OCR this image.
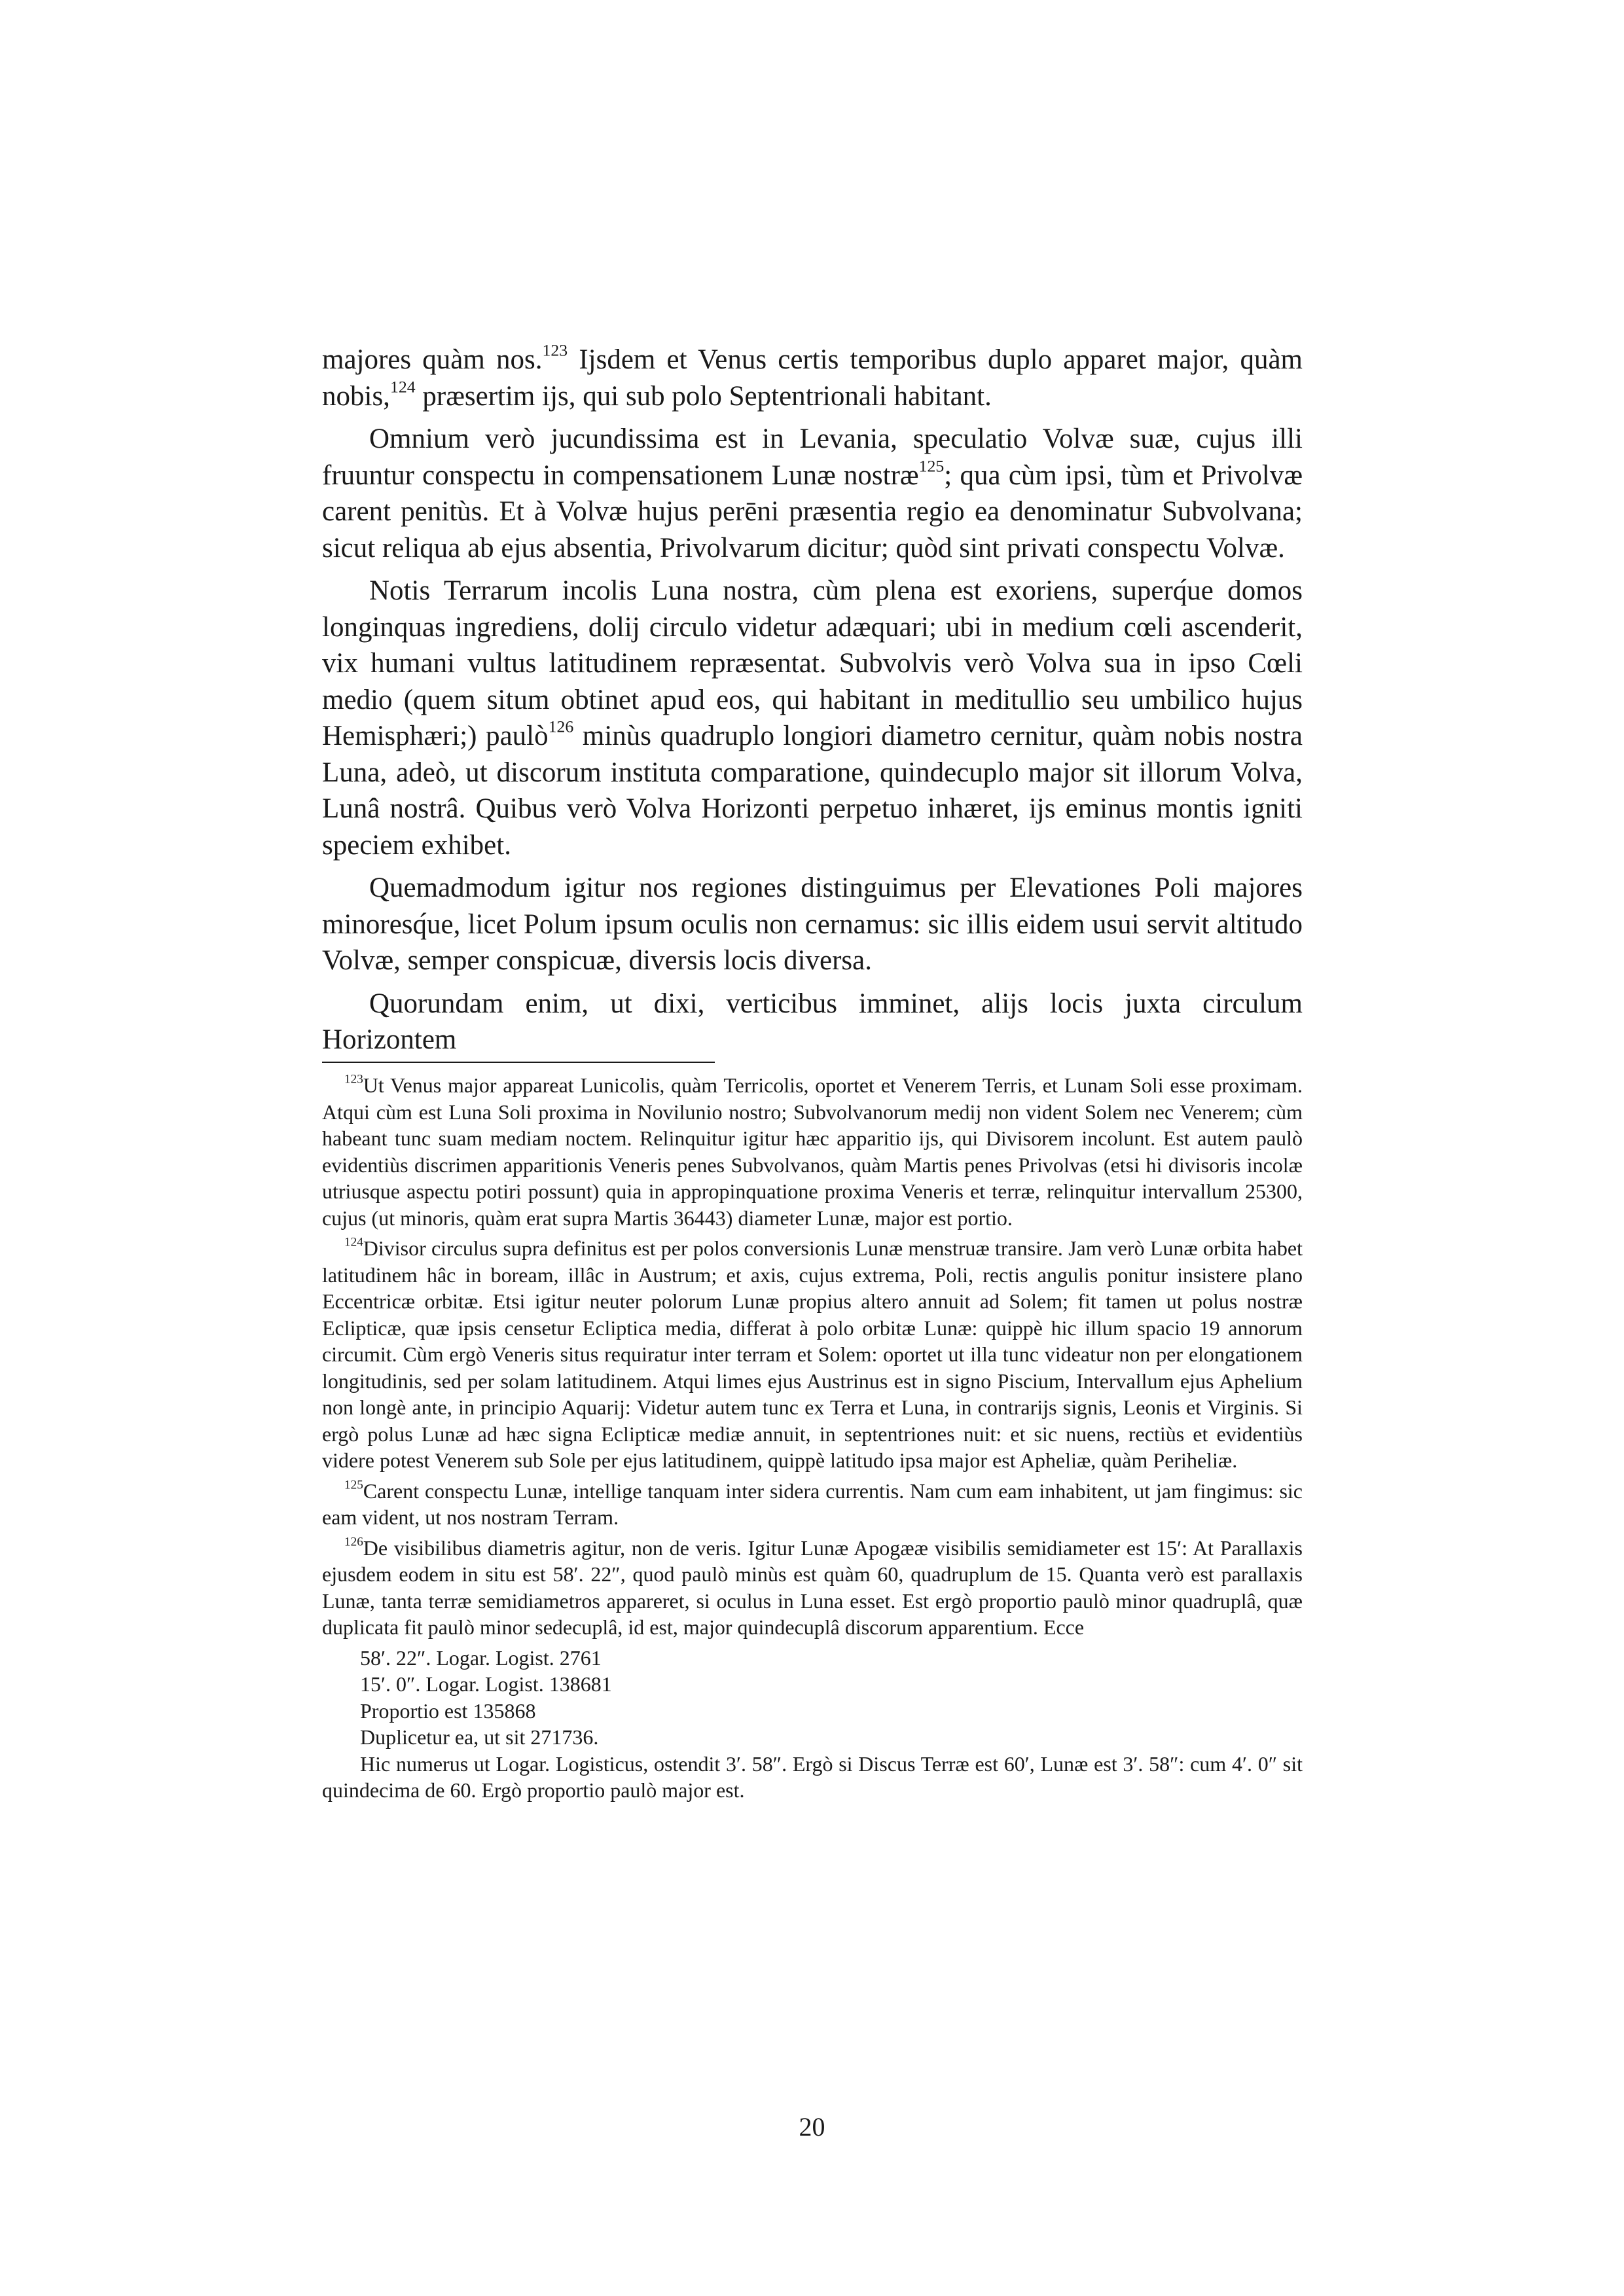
majores quàm nos.$^{123}$ Ijsdem et Venus certis temporibus duplo apparet major, quàm nobis,$^{124}$ præsertim ijs, qui sub polo Septentrionali habitant.

Omnium verò jucundissima est in Levania, speculatio Volvæ suæ, cujus illi fruuntur conspectu in compensationem Lunæ nostræ$^{125}$; qua cùm ipsi, tùm et Privolvæ carent penitùs. Et à Volvæ hujus perēni præsentia regio ea denominatur Subvolvana; sicut reliqua ab ejus absentia, Privolvarum dicitur; quòd sint privati conspectu Volvæ.

Notis Terrarum incolis Luna nostra, cùm plena est exoriens, superq́ue domos longinquas ingrediens, dolij circulo videtur adæquari; ubi in medium cœli ascenderit, vix humani vultus latitudinem repræsentat. Subvolvis verò Volva sua in ipso Cœli medio (quem situm obtinet apud eos, qui habitant in meditullio seu umbilico hujus Hemisphæri;) paulò$^{126}$ minùs quadruplo longiori diametro cernitur, quàm nobis nostra Luna, adeò, ut discorum instituta comparatione, quindecuplo major sit illorum Volva, Lunâ nostrâ. Quibus verò Volva Horizonti perpetuo inhæret, ijs eminus montis igniti speciem exhibet.

Quemadmodum igitur nos regiones distinguimus per Elevationes Poli majores minoresq́ue, licet Polum ipsum oculis non cernamus: sic illis eidem usui servit altitudo Volvæ, semper conspicuæ, diversis locis diversa.

Quorundam enim, ut dixi, verticibus imminet, alijs locis juxta circulum Horizontem

$^{123}$Ut Venus major appareat Lunicolis, quàm Terricolis, oportet et Venerem Terris, et Lunam Soli esse proximam. Atqui cùm est Luna Soli proxima in Novilunio nostro; Subvolvanorum medij non vident Solem nec Venerem; cùm habeant tunc suam mediam noctem. Relinquitur igitur hæc apparitio ijs, qui Divisorem incolunt. Est autem paulò evidentiùs discrimen apparitionis Veneris penes Subvolvanos, quàm Martis penes Privolvas (etsi hi divisoris incolæ utriusque aspectu potiri possunt) quia in appropinquatione proxima Veneris et terræ, relinquitur intervallum 25300, cujus (ut minoris, quàm erat supra Martis 36443) diameter Lunæ, major est portio.

$^{124}$Divisor circulus supra definitus est per polos conversionis Lunæ menstruæ transire. Jam verò Lunæ orbita habet latitudinem hâc in boream, illâc in Austrum; et axis, cujus extrema, Poli, rectis angulis ponitur insistere plano Eccentricæ orbitæ. Etsi igitur neuter polorum Lunæ propius altero annuit ad Solem; fit tamen ut polus nostræ Eclipticæ, quæ ipsis censetur Ecliptica media, differat à polo orbitæ Lunæ: quippè hic illum spacio 19 annorum circumit. Cùm ergò Veneris situs requiratur inter terram et Solem: oportet ut illa tunc videatur non per elongationem longitudinis, sed per solam latitudinem. Atqui limes ejus Austrinus est in signo Piscium, Intervallum ejus Aphelium non longè ante, in principio Aquarij: Videtur autem tunc ex Terra et Luna, in contrarijs signis, Leonis et Virginis. Si ergò polus Lunæ ad hæc signa Eclipticæ mediæ annuit, in septentriones nuit: et sic nuens, rectiùs et evidentiùs videre potest Venerem sub Sole per ejus latitudinem, quippè latitudo ipsa major est Apheliæ, quàm Periheliæ.

$^{125}$Carent conspectu Lunæ, intellige tanquam inter sidera currentis. Nam cum eam inhabitent, ut jam fingimus: sic eam vident, ut nos nostram Terram.

$^{126}$De visibilibus diametris agitur, non de veris. Igitur Lunæ Apogææ visibilis semidiameter est 15′: At Parallaxis ejusdem eodem in situ est 58′. 22″, quod paulò minùs est quàm 60, quadruplum de 15. Quanta verò est parallaxis Lunæ, tanta terræ semidiametros appareret, si oculus in Luna esset. Est ergò proportio paulò minor quadruplâ, quæ duplicata fit paulò minor sedecuplâ, id est, major quindecuplâ discorum apparentium. Ecce

58′. 22″. Logar. Logist. 2761

15′. 0″. Logar. Logist. 138681

Proportio est 135868

Duplicetur ea, ut sit 271736.

Hic numerus ut Logar. Logisticus, ostendit 3′. 58″. Ergò si Discus Terræ est 60′, Lunæ est 3′. 58″: cum 4′. 0″ sit quindecima de 60. Ergò proportio paulò major est.

20
